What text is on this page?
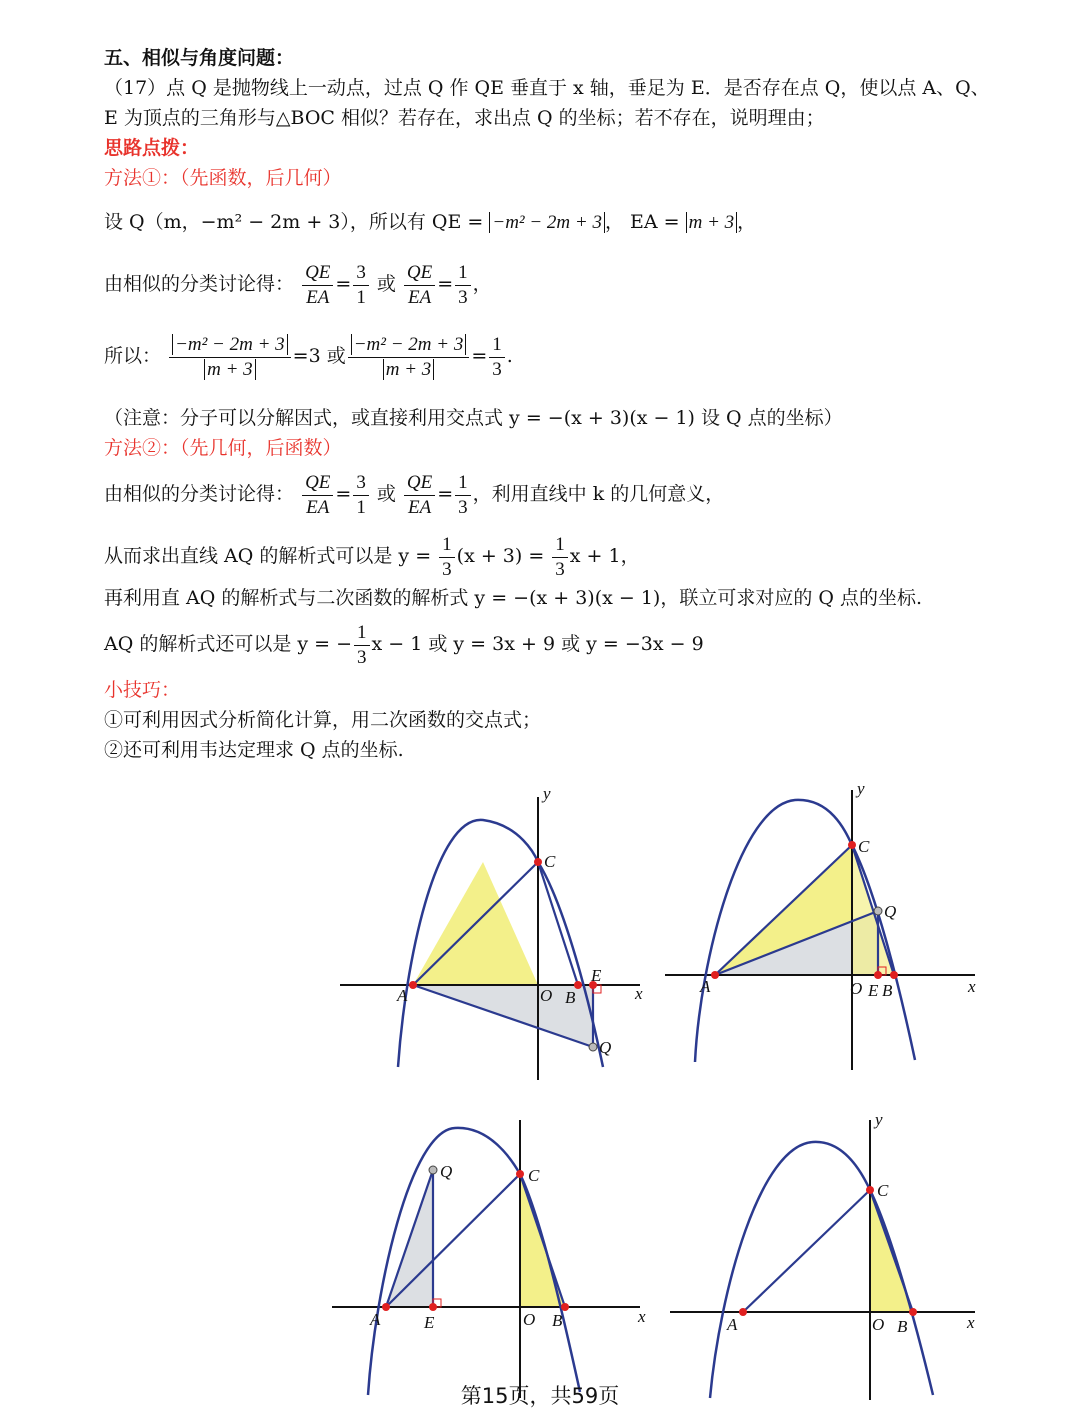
五、相似与角度问题：
（17）点 Q 是抛物线上一动点，过点 Q 作 QE 垂直于 x 轴，垂足为 E．是否存在点 Q，使以点 A、Q、
E 为顶点的三角形与△BOC 相似？若存在，求出点 Q 的坐标；若不存在，说明理由；
思路点拨：
方法①：（先函数，后几何）
设 Q（m，−m² − 2m + 3），所以有 QE = −m² − 2m + 3 ， EA = m + 3 ，
由相似的分类讨论得： $\frac{QE}{EA} = \frac{3}{1}$ 或 $\frac{QE}{EA} = \frac{1}{3}$ ，
所以： $\frac{\text{−m² − 2m + 3}}{m + 3} =3$ 或 $\frac{\text{−m² − 2m + 3}}{m + 3} = \frac{1}{3}$ .
（注意：分子可以分解因式，或直接利用交点式 y = −(x + 3)(x − 1) 设 Q 点的坐标）
方法②：（先几何，后函数）
由相似的分类讨论得： $\frac{QE}{EA} = \frac{3}{1}$ 或 $\frac{QE}{EA} = \frac{1}{3}$ ，利用直线中 k 的几何意义，
从而求出直线 AQ 的解析式可以是 $y = \frac{1}{3} (x + 3) = \frac{1}{3}$ x + 1，
再利用直 AQ 的解析式与二次函数的解析式 y = −(x + 3)(x − 1)，联立可求对应的 Q 点的坐标.
AQ 的解析式还可以是 y = − $\frac{1}{3}$ x − 1 或 y = 3x + 9 或 y = −3x − 9
小技巧：
①可利用因式分析简化计算，用二次函数的交点式；
②还可利用韦达定理求 Q 点的坐标.
A
C
B
E
Q
O	x
y
A
C
Q
O E B	x
y
A	E
Q	C
O B	x	A
C
O B	x
y
第15页，共59页
